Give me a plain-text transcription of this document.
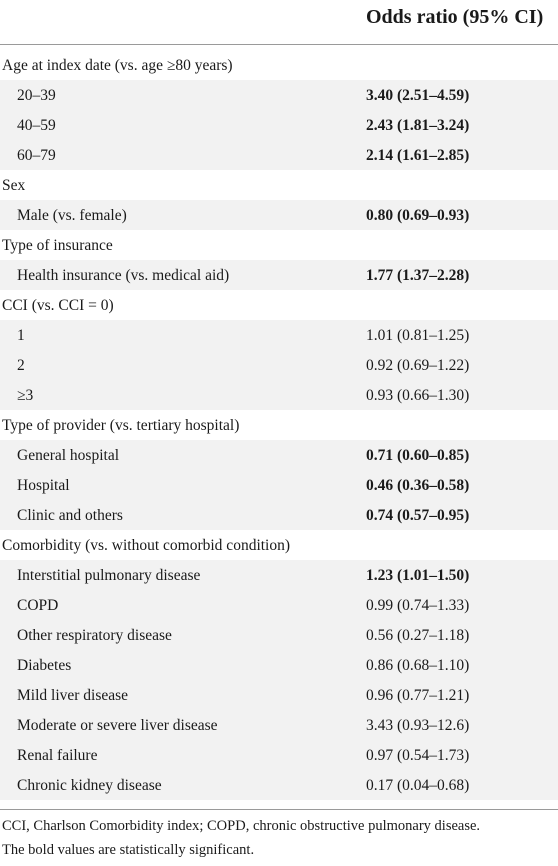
Odds ratio (95% CI)
Age at index date (vs. age ≥80 years)
20–39	3.40 (2.51–4.59)
40–59	2.43 (1.81–3.24)
60–79	2.14 (1.61–2.85)
Sex
Male (vs. female)	0.80 (0.69–0.93)
Type of insurance
Health insurance (vs. medical aid)	1.77 (1.37–2.28)
CCI (vs. CCI = 0)
1	1.01 (0.81–1.25)
2	0.92 (0.69–1.22)
≥3	0.93 (0.66–1.30)
Type of provider (vs. tertiary hospital)
General hospital	0.71 (0.60–0.85)
Hospital	0.46 (0.36–0.58)
Clinic and others	0.74 (0.57–0.95)
Comorbidity (vs. without comorbid condition)
Interstitial pulmonary disease	1.23 (1.01–1.50)
COPD	0.99 (0.74–1.33)
Other respiratory disease	0.56 (0.27–1.18)
Diabetes	0.86 (0.68–1.10)
Mild liver disease	0.96 (0.77–1.21)
Moderate or severe liver disease	3.43 (0.93–12.6)
Renal failure	0.97 (0.54–1.73)
Chronic kidney disease	0.17 (0.04–0.68)
CCI, Charlson Comorbidity index; COPD, chronic obstructive pulmonary disease.
The bold values are statistically significant.
